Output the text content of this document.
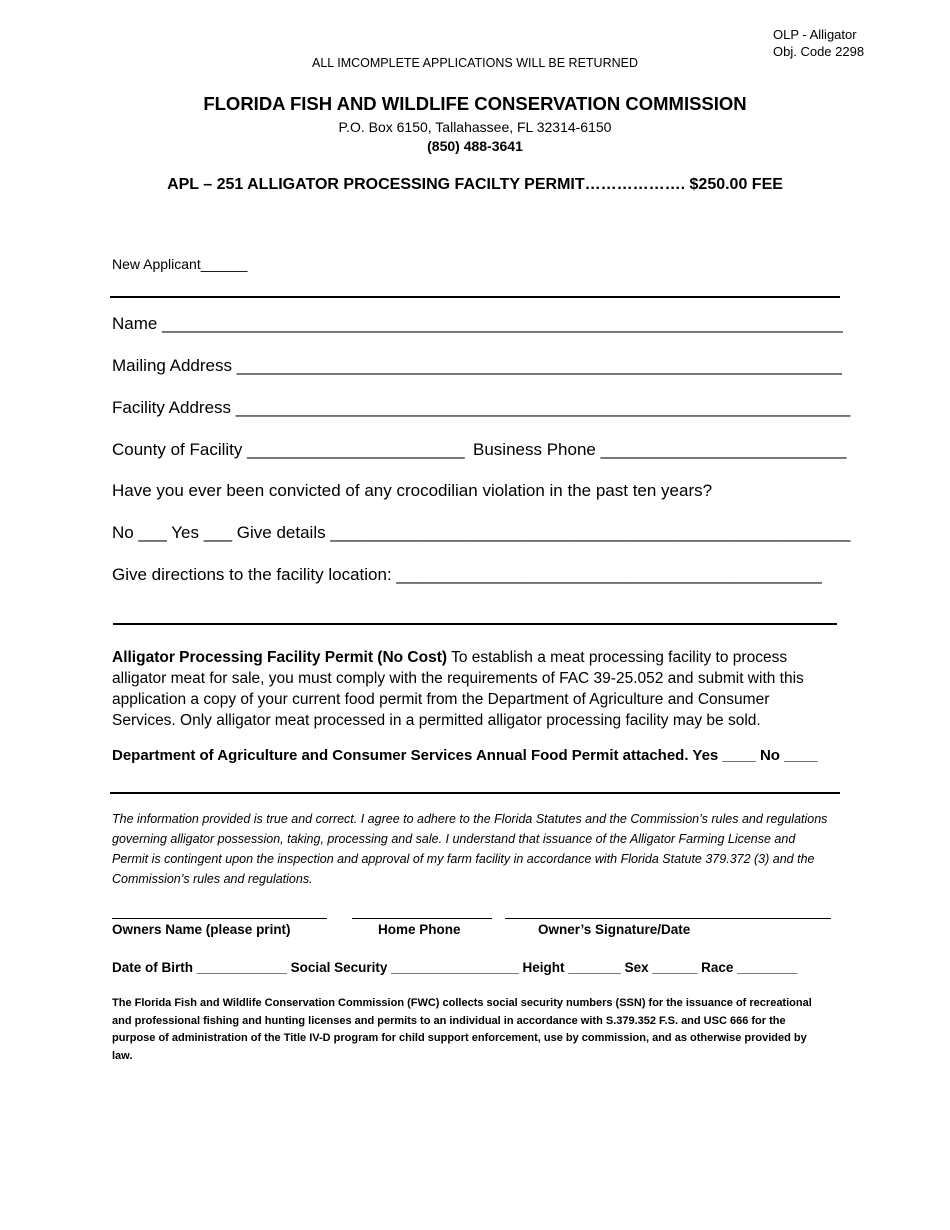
OLP - Alligator
Obj. Code 2298
ALL IMCOMPLETE APPLICATIONS WILL BE RETURNED
FLORIDA FISH AND WILDLIFE CONSERVATION COMMISSION
P.O. Box 6150, Tallahassee, FL 32314-6150
(850) 488-3641
APL – 251 ALLIGATOR PROCESSING FACILTY PERMIT………………. $250.00 FEE
New Applicant______
Name ________________________________________________________________________
Mailing Address ________________________________________________________________
Facility Address _________________________________________________________________
County of Facility _______________________ Business Phone __________________________
Have you ever been convicted of any crocodilian violation in the past ten years?
No ___ Yes ___ Give details _______________________________________________________
Give directions to the facility location: _____________________________________________
Alligator Processing Facility Permit (No Cost) To establish a meat processing facility to process alligator meat for sale, you must comply with the requirements of FAC 39-25.052 and submit with this application a copy of your current food permit from the Department of Agriculture and Consumer Services. Only alligator meat processed in a permitted alligator processing facility may be sold.
Department of Agriculture and Consumer Services Annual Food Permit attached. Yes ____ No ____
The information provided is true and correct. I agree to adhere to the Florida Statutes and the Commission’s rules and regulations governing alligator possession, taking, processing and sale. I understand that issuance of the Alligator Farming License and Permit is contingent upon the inspection and approval of my farm facility in accordance with Florida Statute 379.372 (3) and the Commission’s rules and regulations.
Owners Name (please print)	Home Phone	Owner’s Signature/Date
Date of Birth ____________ Social Security _________________ Height _______ Sex ______ Race ________
The Florida Fish and Wildlife Conservation Commission (FWC) collects social security numbers (SSN) for the issuance of recreational and professional fishing and hunting licenses and permits to an individual in accordance with S.379.352 F.S. and USC 666 for the purpose of administration of the Title IV-D program for child support enforcement, use by commission, and as otherwise provided by law.
